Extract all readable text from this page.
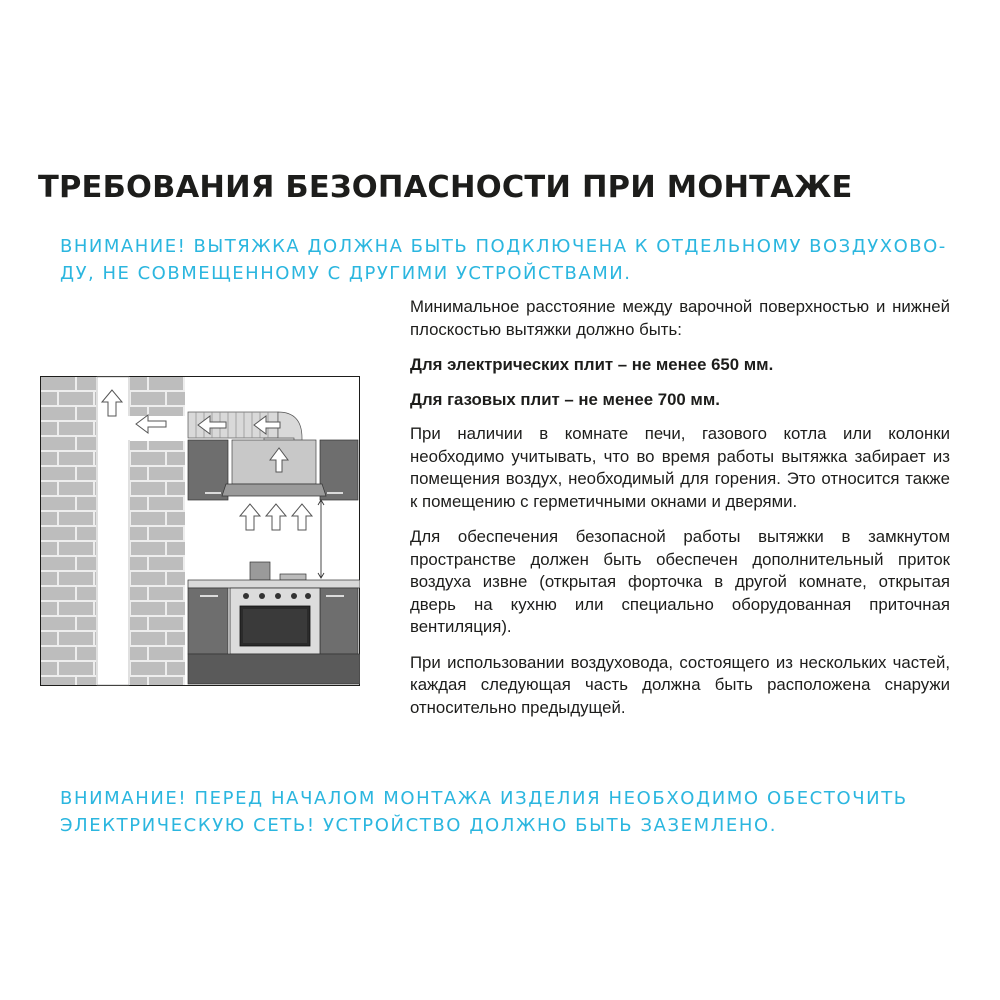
ТРЕБОВАНИЯ БЕЗОПАСНОСТИ ПРИ МОНТАЖЕ
ВНИМАНИЕ! ВЫТЯЖКА ДОЛЖНА БЫТЬ ПОДКЛЮЧЕНА К ОТДЕЛЬНОМУ ВОЗДУХОВО-
ДУ, НЕ СОВМЕЩЕННОМУ С ДРУГИМИ УСТРОЙСТВАМИ.

Минимальное расстояние между варочной поверхностью и нижней плоскостью вытяжки должно быть:

Для электрических плит – не менее 650 мм.

Для газовых плит – не менее 700 мм.

При наличии в комнате печи, газового котла или колонки необходимо учитывать, что во время работы вытяжка забирает из помещения воздух, необходимый для горения. Это относится также к помещению с герметичными окнами и дверями.

Для обеспечения безопасной работы вытяжки в замкнутом пространстве должен быть обеспечен дополнительный приток воздуха извне (открытая форточка в другой комнате, открытая дверь на кухню или специально оборудованная приточная вентиляция).

При использовании воздуховода, состоящего из нескольких частей, каждая следующая часть должна быть расположена снаружи относительно предыдущей.

ВНИМАНИЕ! ПЕРЕД НАЧАЛОМ МОНТАЖА ИЗДЕЛИЯ НЕОБХОДИМО ОБЕСТОЧИТЬ
ЭЛЕКТРИЧЕСКУЮ СЕТЬ! УСТРОЙСТВО ДОЛЖНО БЫТЬ ЗАЗЕМЛЕНО.
